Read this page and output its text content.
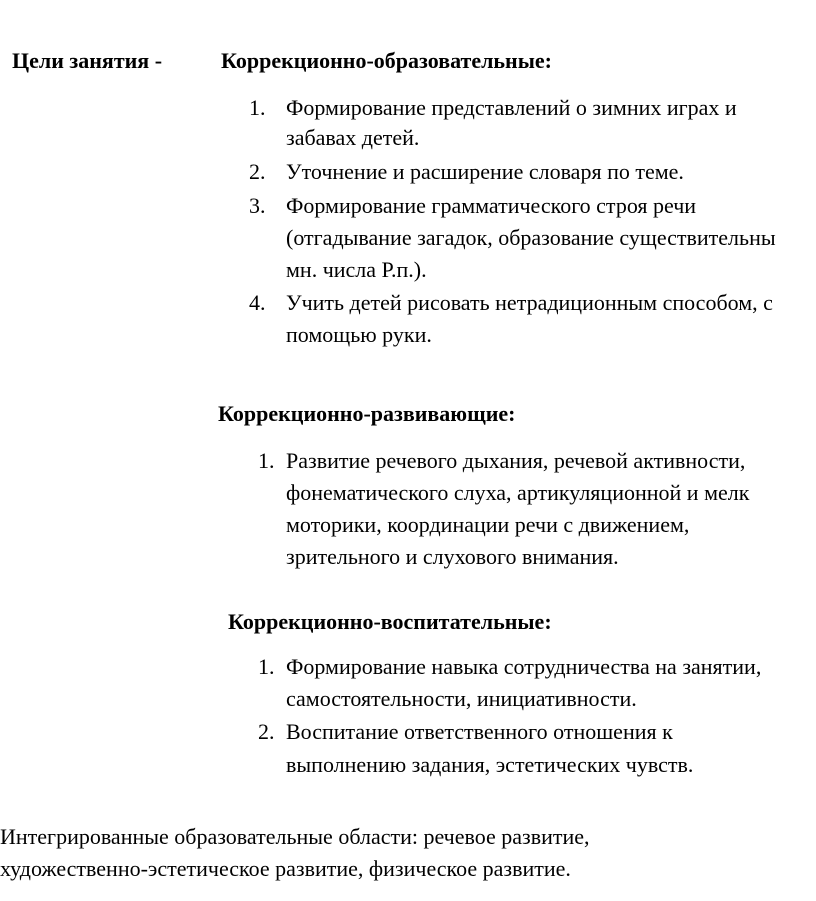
Цели занятия -	Коррекционно-образовательные:
1. Формирование представлений о зимних играх и
забавах детей.
2. Уточнение и расширение словаря по теме.
3. Формирование грамматического строя речи
(отгадывание загадок, образование существительны
мн. числа Р.п.).
4. Учить детей рисовать нетрадиционным способом, с
помощью руки.
Коррекционно-развивающие:
1. Развитие речевого дыхания, речевой активности,
фонематического слуха, артикуляционной и мелк
моторики, координации речи с движением,
зрительного и слухового внимания.
Коррекционно-воспитательные:
1. Формирование навыка сотрудничества на занятии,
самостоятельности, инициативности.
2. Воспитание ответственного отношения к
выполнению задания, эстетических чувств.
Интегрированные образовательные области: речевое развитие,
художественно-эстетическое развитие, физическое развитие.
